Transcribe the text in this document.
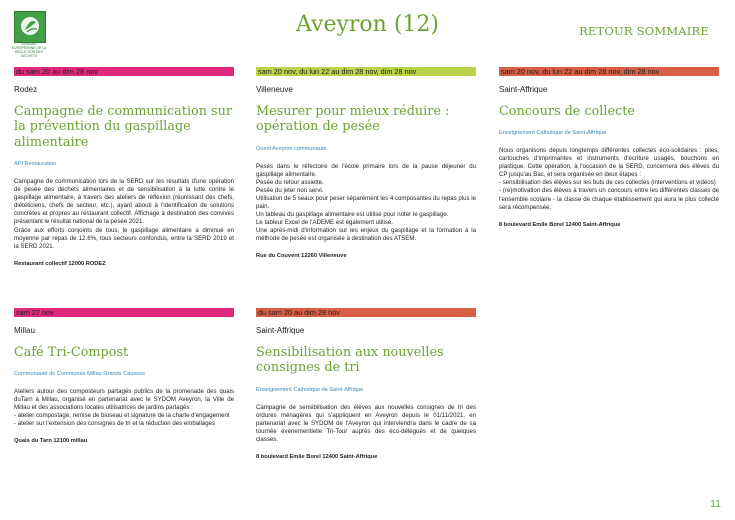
SEMAINE EUROPÉENNE DE LA RÉDUCTION DES DÉCHETS
Aveyron (12)	RETOUR SOMMAIRE
du sam 20 au dim 28 nov
Rodez
Campagne de communication sur la prévention du gaspillage alimentaire
API Restauration
Campagne de communication lors de la SERD sur les résultats d'une opération de pesée des déchets alimentaires et de sensibilisation à la lutte contre le gaspillage alimentaire, à travers des ateliers de réflexion (réunissant des chefs, diététiciens, chefs de secteur, etc.), ayant abouti à l'identification de solutions concrètes et propres au restaurant collectif. Affichage à destination des convives présentant le résultat national de la pesée 2021.
Grâce aux efforts conjoints de tous, le gaspillage alimentaire a diminué en moyenne par repas de 12.6%, tous secteurs confondus, entre la SERD 2019 et la SERD 2021.
Restaurant collectif 12000 RODEZ
sam 20 nov, du lun 22 au dim 28 nov, dim 28 nov
Villeneuve
Mesurer pour mieux réduire : opération de pesée
Ouest Aveyron communauté
Pesés dans le réfectoire de l'école primaire lors de la pause déjeuner du gaspillage alimentaire.
Pesée du retour assiette.
Pesée du jeter non servi.
Utilisation de 5 seaux pour peser séparément les 4 composantes du repas plus le pain.
Un tableau du gaspillage alimentaire est utilisé pour noter le gaspillage.
Le tableur Excel de l'ADEME est également utilisé.
Une après-midi d'information sur les enjeux du gaspillage et la formation à la méthode de pesée est organisée à destination des ATSEM.
Rue du Couvent 12260 Villeneuve
sam 20 nov, du lun 22 au dim 28 nov, dim 28 nov
Saint-Affrique
Concours de collecte
Enseignement Catholique de Saint-Affrique
Nous organisons depuis longtemps différentes collectes éco-solidaires : piles, cartouches d'imprimantes et instruments d'écriture usagés, bouchons en plastique. Cette opération, à l'occasion de la SERD, concernera des élèves du CP jusqu'au Bac, et sera organisée en deux étapes :
- sensibilisation des élèves sur les buts de ces collectes (interventions et vidéos)
- (re)motivation des élèves à travers un concours entre les différentes classes de l'ensemble scolaire - la classe de chaque établissement qui aura le plus collecté sera récompensée.
8 boulevard Emile Borel 12400 Saint-Affrique
sam 27 nov
Millau
Café Tri-Compost
Communauté de Communes Millau Grands Causses
Ateliers autour des composteurs partagés publics de la promenade des quais duTarn à Millau, organisé en partenariat avec le SYDOM Aveyron, la Ville de Millau et des associations locales utilisatrices de jardins partagés :
- atelier compostage, remise de bioseau et signature de la charte d'engagement
- atelier sur l'extension des consignes de tri et la réduction des emballages
Quais du Tarn 12100 millau
du sam 20 au dim 28 nov
Saint-Affrique
Sensibilisation aux nouvelles consignes de tri
Enseignement Catholique de Saint-Affrique
Campagne de sensibilisation des élèves aux nouvelles consignes de tri des ordures ménagères qui s'appliquent en Aveyron depuis le 01/11/2021, en partenariat avec le SYDOM de l'Aveyron qui interviendra dans le cadre de sa tournée évènementielle Tri-Tour auprès des éco-délégués et de quelques classes.
8 boulevard Emile Borel 12400 Saint-Affrique
11
